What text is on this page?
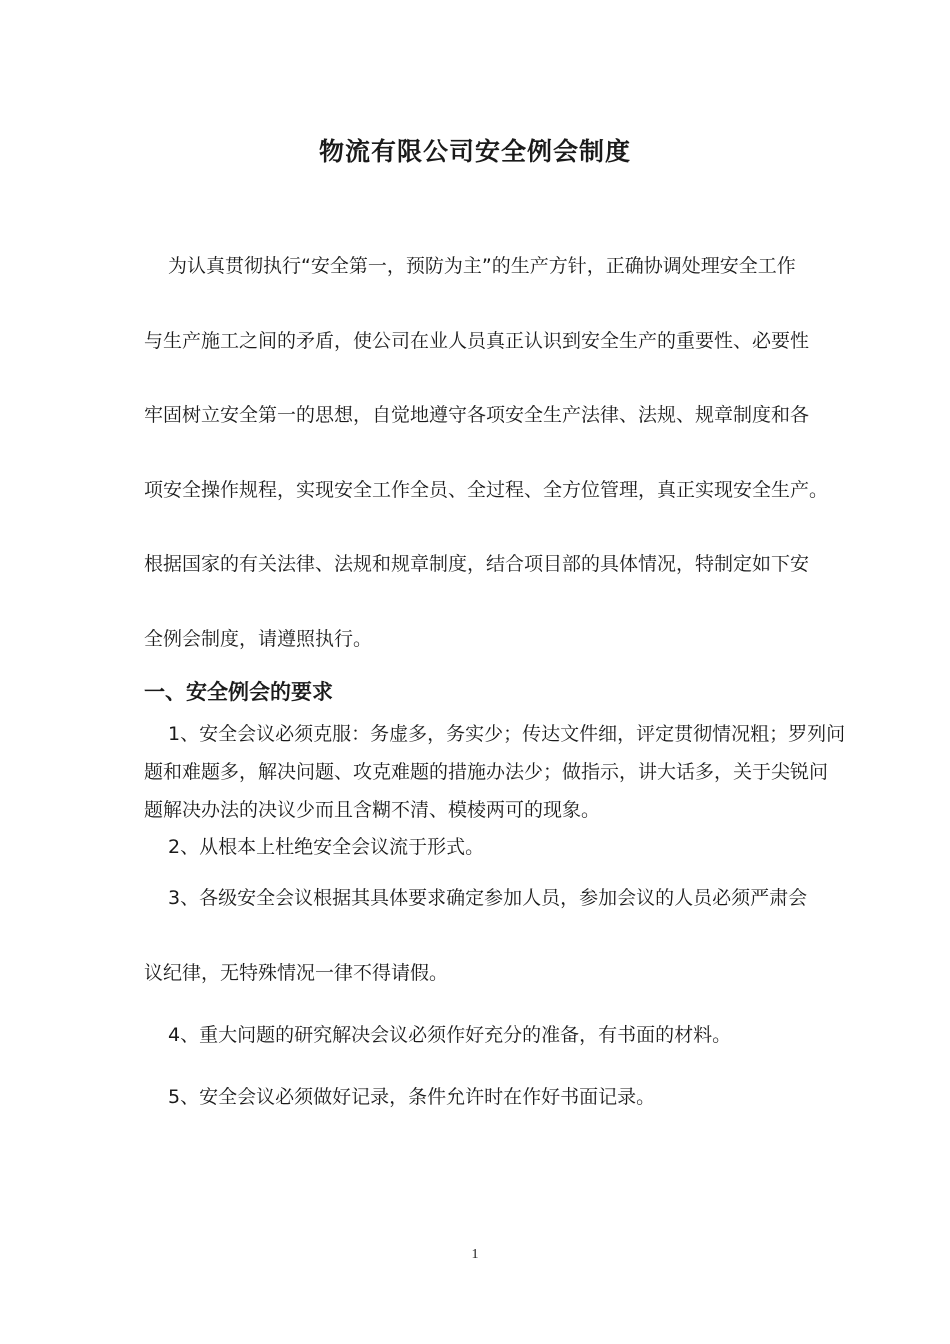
物流有限公司安全例会制度
为认真贯彻执行“安全第一，预防为主”的生产方针，正确协调处理安全工作
与生产施工之间的矛盾，使公司在业人员真正认识到安全生产的重要性、必要性
牢固树立安全第一的思想，自觉地遵守各项安全生产法律、法规、规章制度和各
项安全操作规程，实现安全工作全员、全过程、全方位管理，真正实现安全生产。
根据国家的有关法律、法规和规章制度，结合项目部的具体情况，特制定如下安
全例会制度，请遵照执行。
一、安全例会的要求
1、安全会议必须克服：务虚多，务实少；传达文件细，评定贯彻情况粗；罗列问
题和难题多，解决问题、攻克难题的措施办法少；做指示，讲大话多，关于尖锐问
题解决办法的决议少而且含糊不清、模棱两可的现象。
2、从根本上杜绝安全会议流于形式。
3、各级安全会议根据其具体要求确定参加人员，参加会议的人员必须严肃会
议纪律，无特殊情况一律不得请假。
4、重大问题的研究解决会议必须作好充分的准备，有书面的材料。
5、安全会议必须做好记录，条件允许时在作好书面记录。
1
